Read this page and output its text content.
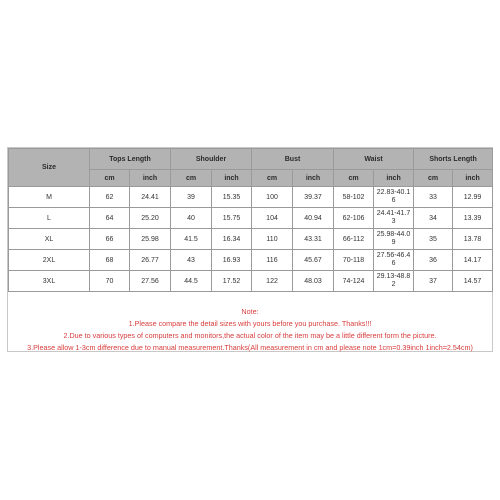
Size	Tops Length		Shoulder		Bust		Waist		Shorts Length	
	cm	inch	cm	inch	cm	inch	cm	inch	cm	inch
M	62	24.41	39	15.35	100	39.37	58-102	22.83-40.16	33	12.99
L	64	25.20	40	15.75	104	40.94	62-106	24.41-41.73	34	13.39
XL	66	25.98	41.5	16.34	110	43.31	66-112	25.98-44.09	35	13.78
2XL	68	26.77	43	16.93	116	45.67	70-118	27.56-46.46	36	14.17
3XL	70	27.56	44.5	17.52	122	48.03	74-124	29.13-48.82	37	14.57
Note:
1.Please compare the detail sizes with yours before you purchase. Thanks!!!
2.Due to various types of computers and monitors,the actual color of the item may be a little different form the picture.
3.Please allow 1-3cm difference due to manual measurement.Thanks(All measurement in cm and please note 1cm=0.39inch 1inch=2.54cm)
